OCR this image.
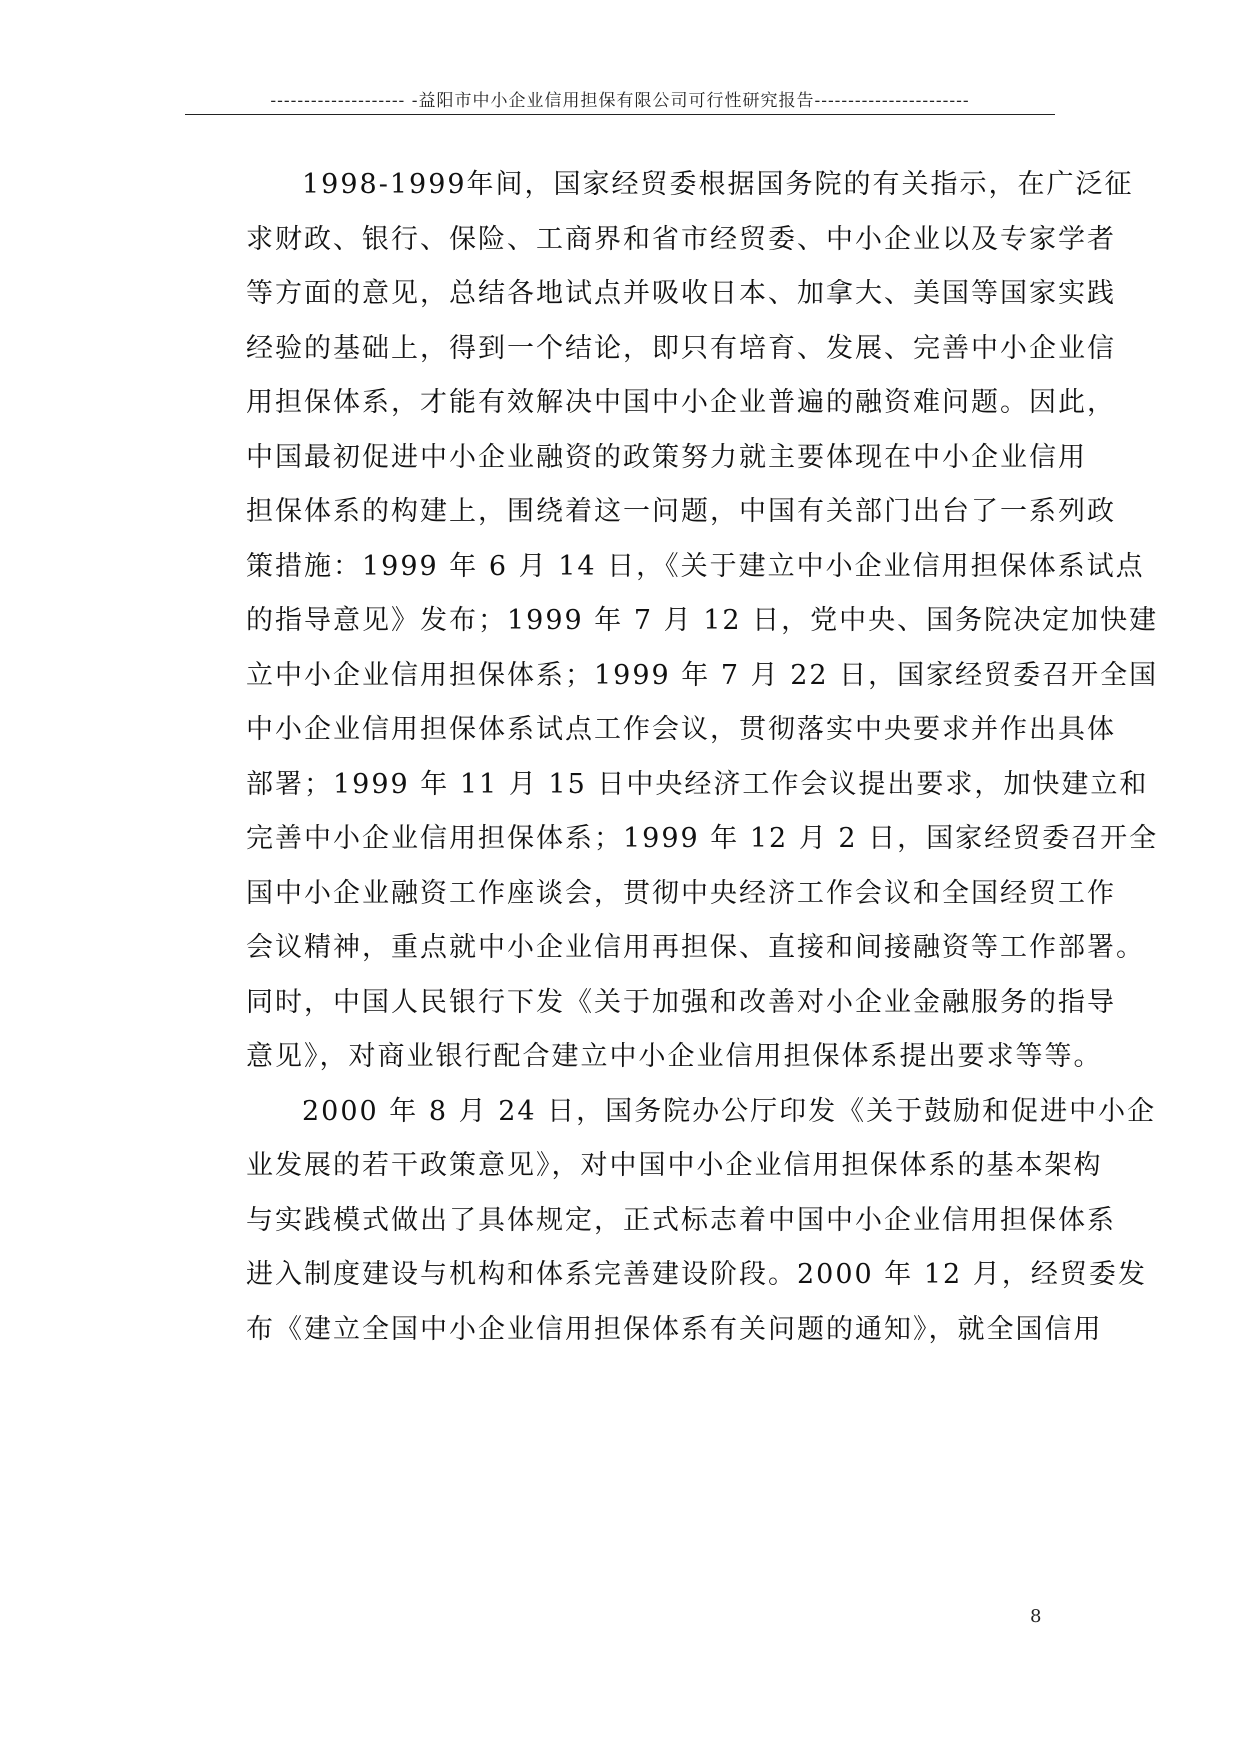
-------------------- -益阳市中小企业信用担保有限公司可行性研究报告-----------------------
1998-1999年间，国家经贸委根据国务院的有关指示，在广泛征
求财政、银行、保险、工商界和省市经贸委、中小企业以及专家学者
等方面的意见，总结各地试点并吸收日本、加拿大、美国等国家实践
经验的基础上，得到一个结论，即只有培育、发展、完善中小企业信
用担保体系，才能有效解决中国中小企业普遍的融资难问题。因此，
中国最初促进中小企业融资的政策努力就主要体现在中小企业信用
担保体系的构建上，围绕着这一问题，中国有关部门出台了一系列政
策措施：1999 年 6 月 14 日，《关于建立中小企业信用担保体系试点
的指导意见》发布；1999 年 7 月 12 日，党中央、国务院决定加快建
立中小企业信用担保体系；1999 年 7 月 22 日，国家经贸委召开全国
中小企业信用担保体系试点工作会议，贯彻落实中央要求并作出具体
部署；1999 年 11 月 15 日中央经济工作会议提出要求，加快建立和
完善中小企业信用担保体系；1999 年 12 月 2 日，国家经贸委召开全
国中小企业融资工作座谈会，贯彻中央经济工作会议和全国经贸工作
会议精神，重点就中小企业信用再担保、直接和间接融资等工作部署。
同时，中国人民银行下发《关于加强和改善对小企业金融服务的指导
意见》，对商业银行配合建立中小企业信用担保体系提出要求等等。
2000 年 8 月 24 日，国务院办公厅印发《关于鼓励和促进中小企
业发展的若干政策意见》，对中国中小企业信用担保体系的基本架构
与实践模式做出了具体规定，正式标志着中国中小企业信用担保体系
进入制度建设与机构和体系完善建设阶段。2000 年 12 月，经贸委发
布《建立全国中小企业信用担保体系有关问题的通知》，就全国信用
8
